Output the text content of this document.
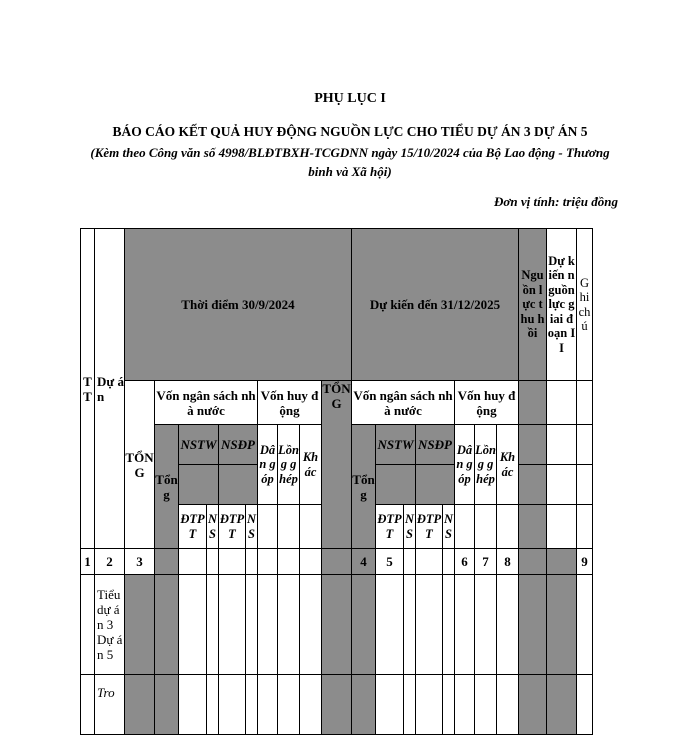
PHỤ LỤC I
BÁO CÁO KẾT QUẢ HUY ĐỘNG NGUỒN LỰC CHO TIỂU DỰ ÁN 3 DỰ ÁN 5
(Kèm theo Công văn số 4998/BLĐTBXH-TCGDNN ngày 15/10/2024 của Bộ Lao động - Thương binh và Xã hội)
Đơn vị tính: triệu đồng
TT	Dự án	Thời điểm 30/9/2024										Dự kiến đến 31/12/2025								Nguồn lực thu hồi	Dự kiến nguồn lực giai đoạn II	Ghi chú
		TỔNG	Vốn ngân sách nhà nước					Vốn huy động			TỔNG	Vốn ngân sách nhà nước					Vốn huy động					
			Tổng	NSTW		NSĐP		Dân góp	Lồng ghép	Khác		Tổng	NSTW		NSĐP		Dân góp	Lồng ghép	Khác			

				ĐTPT	NS	ĐTPT	NS						ĐTPT	NS	ĐTPT	NS						
1	2	3										4	5				6	7	8			9
	Tiểu dự án 3 Dự án 5																					
	Tro																					
